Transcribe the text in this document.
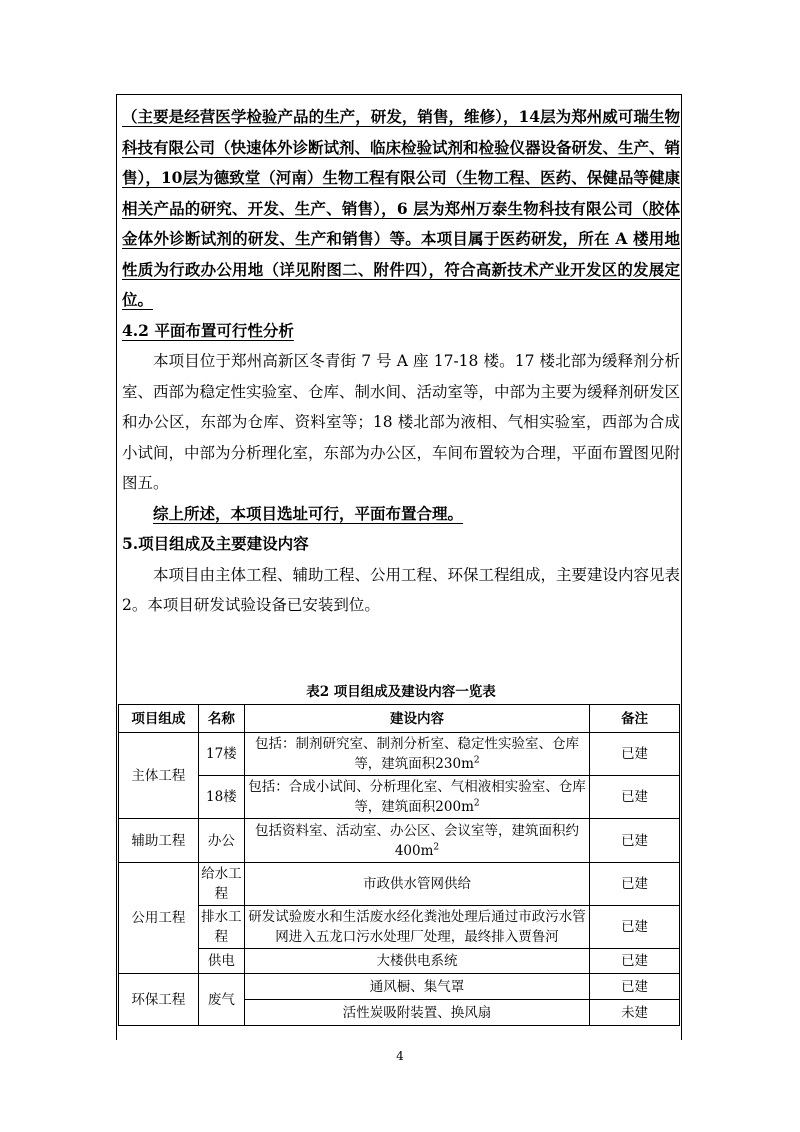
（主要是经营医学检验产品的生产，研发，销售，维修），14层为郑州威可瑞生物科技有限公司（快速体外诊断试剂、临床检验试剂和检验仪器设备研发、生产、销售），10层为德致堂（河南）生物工程有限公司（生物工程、医药、保健品等健康相关产品的研究、开发、生产、销售），6 层为郑州万泰生物科技有限公司（胶体金体外诊断试剂的研发、生产和销售）等。本项目属于医药研发，所在 A 楼用地性质为行政办公用地（详见附图二、附件四），符合高新技术产业开发区的发展定位。

4.2 平面布置可行性分析

本项目位于郑州高新区冬青街 7 号 A 座 17-18 楼。17 楼北部为缓释剂分析室、西部为稳定性实验室、仓库、制水间、活动室等，中部为主要为缓释剂研发区和办公区，东部为仓库、资料室等；18 楼北部为液相、气相实验室，西部为合成小试间，中部为分析理化室，东部为办公区，车间布置较为合理，平面布置图见附图五。

综上所述，本项目选址可行，平面布置合理。

5.项目组成及主要建设内容

本项目由主体工程、辅助工程、公用工程、环保工程组成，主要建设内容见表2。本项目研发试验设备已安装到位。

表2 项目组成及建设内容一览表
项目组成	名称	建设内容	备注
主体工程	17楼	包括：制剂研究室、制剂分析室、稳定性实验室、仓库等，建筑面积$230m^2$	已建
	18楼	包括：合成小试间、分析理化室、气相液相实验室、仓库等，建筑面积$200m^2$	已建
辅助工程	办公	包括资料室、活动室、办公区、会议室等，建筑面积约$400m^2$	已建
公用工程	给水工程	市政供水管网供给	已建
	排水工程	研发试验废水和生活废水经化粪池处理后通过市政污水管网进入五龙口污水处理厂处理，最终排入贾鲁河	已建
	供电	大楼供电系统	已建
环保工程	废气	通风橱、集气罩	已建
		活性炭吸附装置、换风扇	未建
4
